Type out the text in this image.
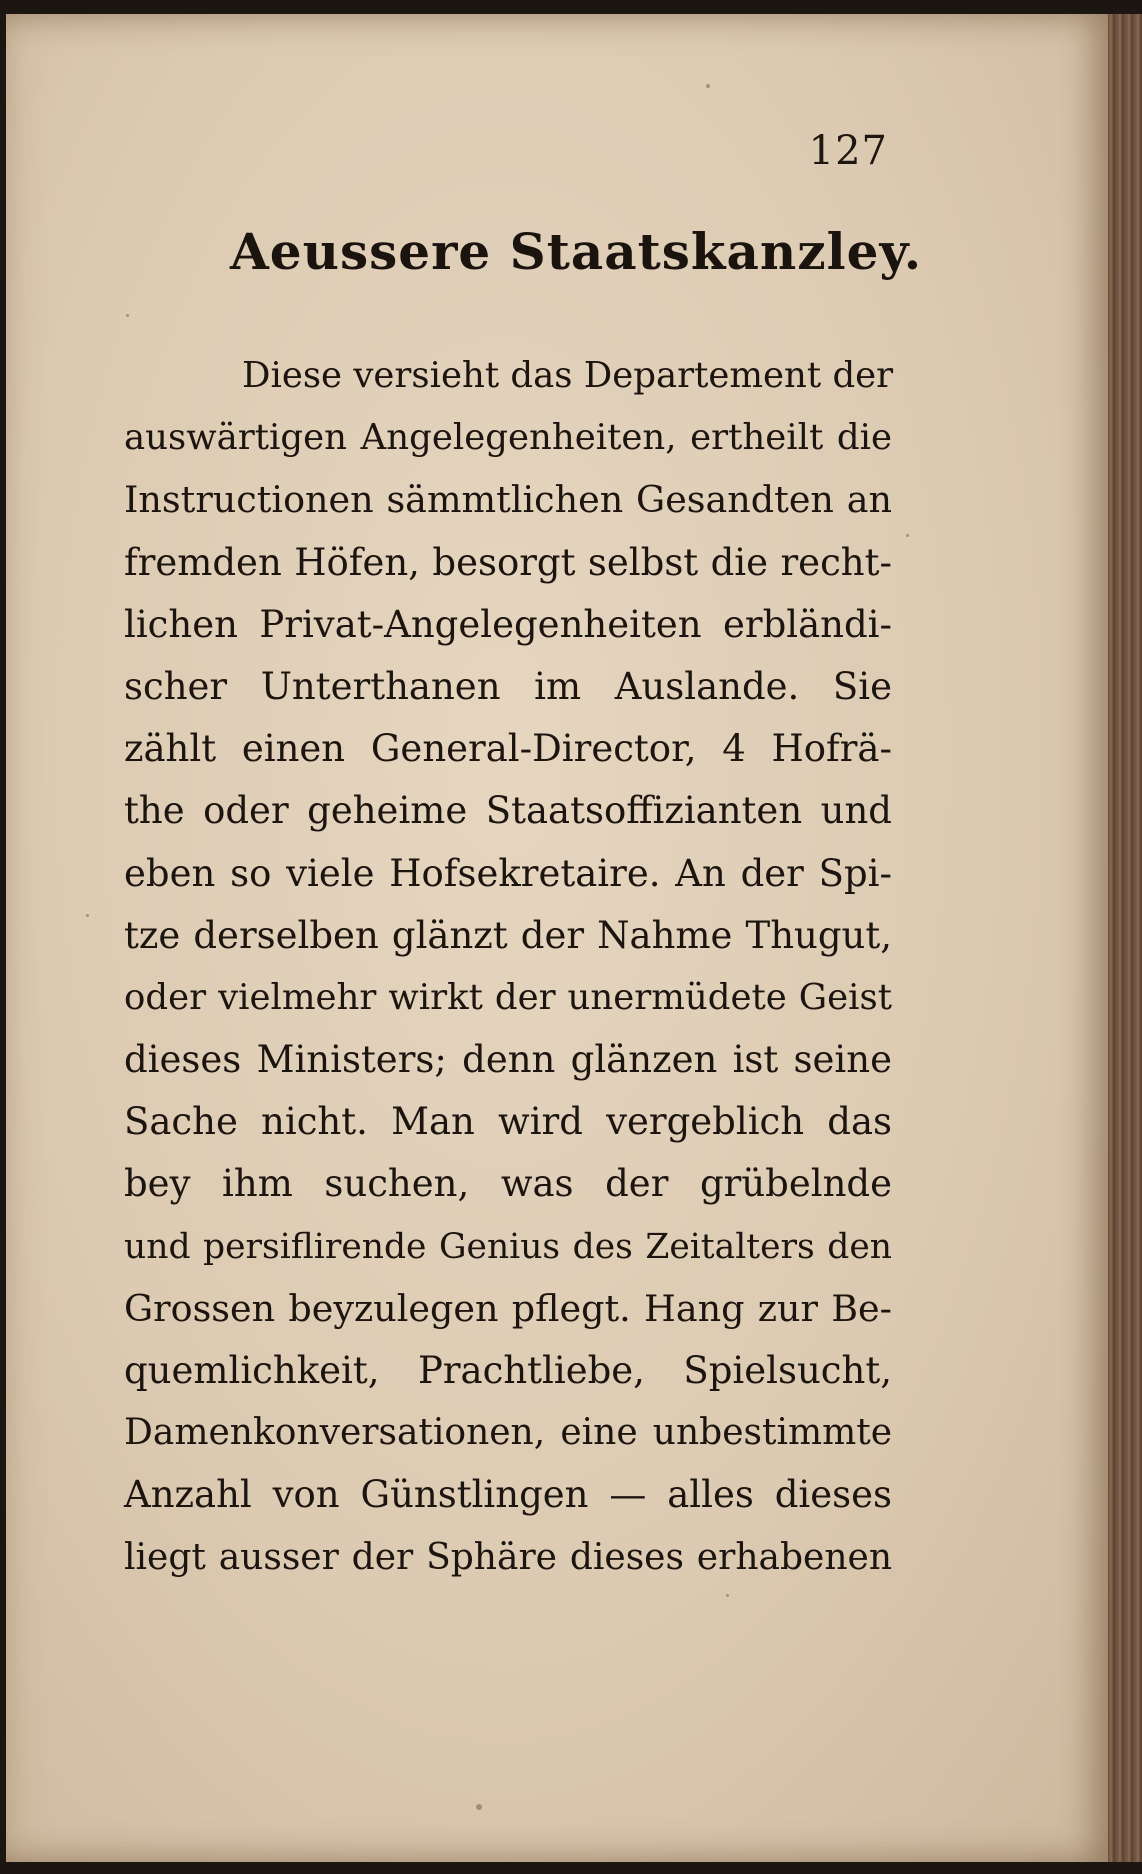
127
Aeussere Staatskanzley.
Diese versieht das Departement der
auswärtigen Angelegenheiten, ertheilt die
Instructionen sämmtlichen Gesandten an
fremden Höfen, besorgt selbst die recht-
lichen Privat-Angelegenheiten erbländi-
scher Unterthanen im Auslande. Sie
zählt einen General-Director, 4 Hofrä-
the oder geheime Staatsoffizianten und
eben so viele Hofsekretaire. An der Spi-
tze derselben glänzt der Nahme Thugut,
oder vielmehr wirkt der unermüdete Geist
dieses Ministers; denn glänzen ist seine
Sache nicht. Man wird vergeblich das
bey ihm suchen, was der grübelnde
und persiflirende Genius des Zeitalters den
Grossen beyzulegen pflegt. Hang zur Be-
quemlichkeit, Prachtliebe, Spielsucht,
Damenkonversationen, eine unbestimmte
Anzahl von Günstlingen — alles dieses
liegt ausser der Sphäre dieses erhabenen
